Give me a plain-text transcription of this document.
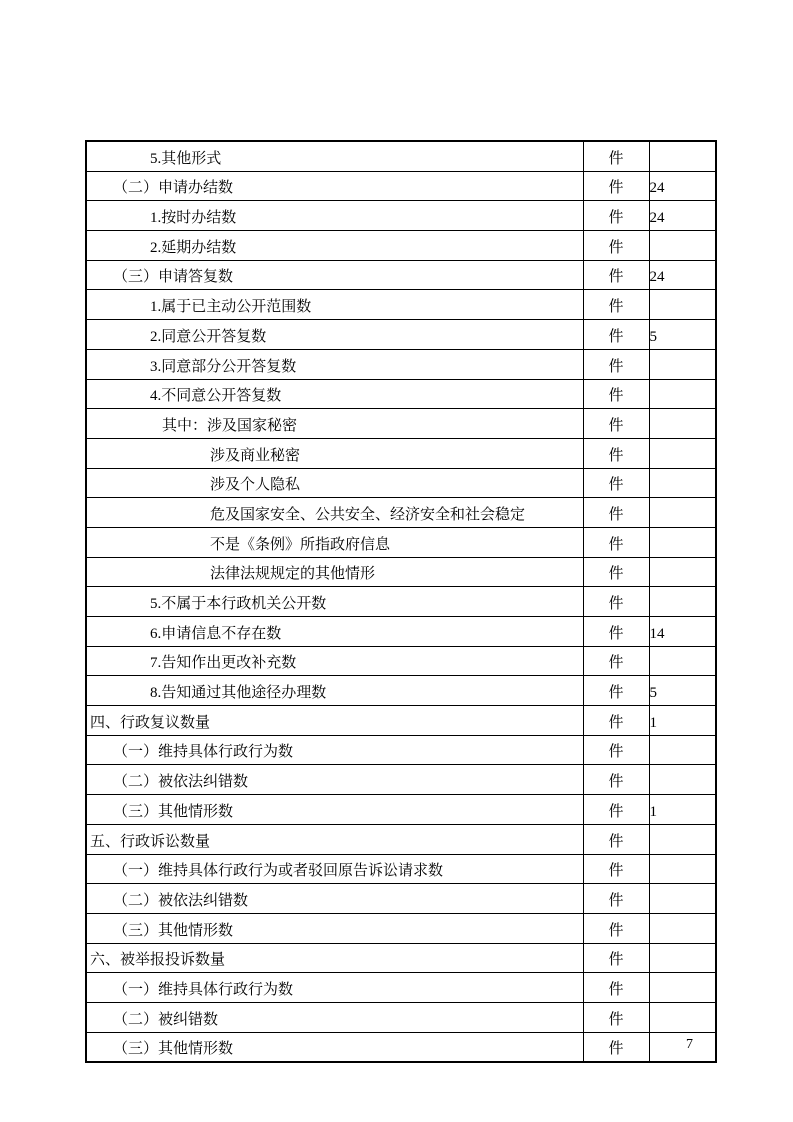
5.其他形式	件	
（二）申请办结数	件	24
1.按时办结数	件	24
2.延期办结数	件	
（三）申请答复数	件	24
1.属于已主动公开范围数	件	
2.同意公开答复数	件	5
3.同意部分公开答复数	件	
4.不同意公开答复数	件	
其中：涉及国家秘密	件	
涉及商业秘密	件	
涉及个人隐私	件	
危及国家安全、公共安全、经济安全和社会稳定	件	
不是《条例》所指政府信息	件	
法律法规规定的其他情形	件	
5.不属于本行政机关公开数	件	
6.申请信息不存在数	件	14
7.告知作出更改补充数	件	
8.告知通过其他途径办理数	件	5
四、行政复议数量	件	1
（一）维持具体行政行为数	件	
（二）被依法纠错数	件	
（三）其他情形数	件	1
五、行政诉讼数量	件	
（一）维持具体行政行为或者驳回原告诉讼请求数	件	
（二）被依法纠错数	件	
（三）其他情形数	件	
六、被举报投诉数量	件	
（一）维持具体行政行为数	件	
（二）被纠错数	件	
（三）其他情形数	件		7
